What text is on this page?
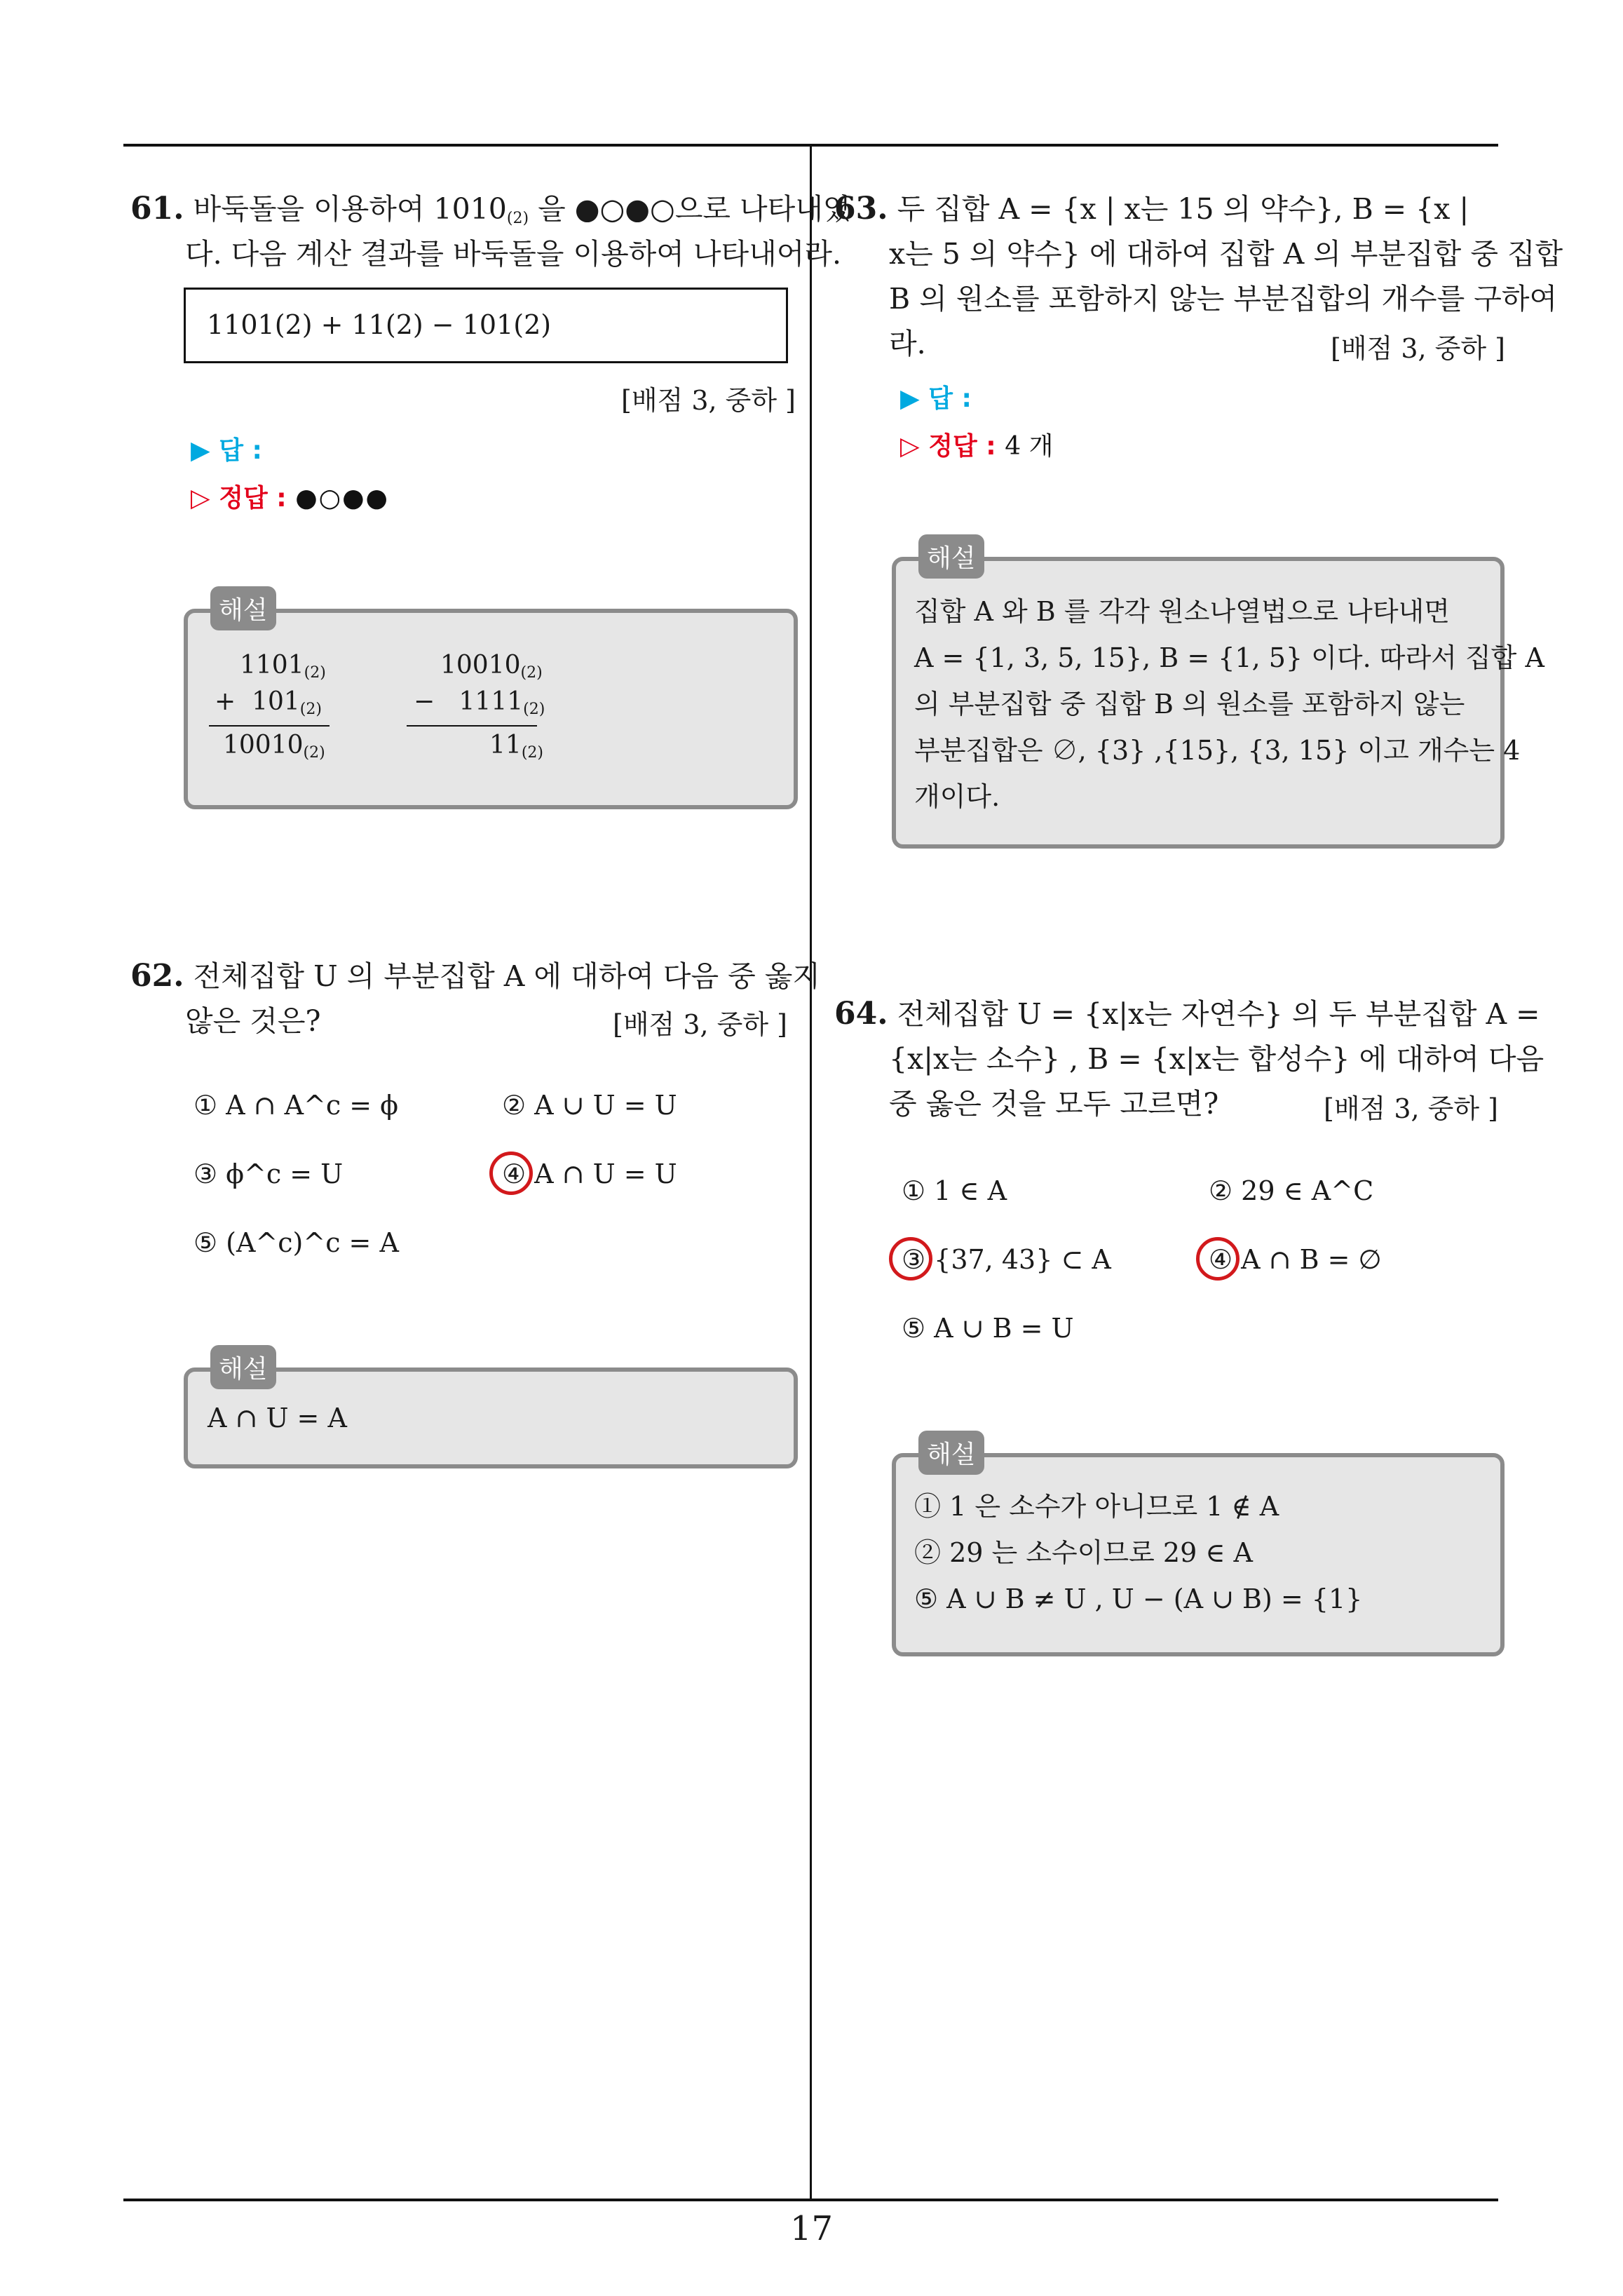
17
61. 바둑돌을 이용하여 $1010_{(2)}$ 을 ●○●○으로 나타내었
다. 다음 계산 결과를 바둑돌을 이용하여 나타내어라.
1101(2) + 11(2) − 101(2)
[배점 3, 중하 ]
▶ 답 :
▷ 정답 : ●○●●
해설
$1101_{(2)}$
+ $101_{(2)}$
$10010_{(2)}$
$10010_{(2)}$
− $1111_{(2)}$
$11_{(2)}$
62. 전체집합 U 의 부분집합 A 에 대하여 다음 중 옳지
않은 것은?	[배점 3, 중하 ]
① A ∩ A^c = ϕ	② A ∪ U = U
③ ϕ^c = U	④ A ∩ U = U
⑤ (A^c)^c = A
해설
A ∩ U = A
63. 두 집합 A = {x | x는 15 의 약수}, B = {x |
x는 5 의 약수} 에 대하여 집합 A 의 부분집합 중 집합
B 의 원소를 포함하지 않는 부분집합의 개수를 구하여
라.	[배점 3, 중하 ]
▶ 답 :
▷ 정답 : 4 개
해설
집합 A 와 B 를 각각 원소나열법으로 나타내면
A = {1, 3, 5, 15}, B = {1, 5} 이다. 따라서 집합 A
의 부분집합 중 집합 B 의 원소를 포함하지 않는
부분집합은 ∅, {3} ,{15}, {3, 15} 이고 개수는 4
개이다.
64. 전체집합 U = {x|x는 자연수} 의 두 부분집합 A =
{x|x는 소수} , B = {x|x는 합성수} 에 대하여 다음
중 옳은 것을 모두 고르면?	[배점 3, 중하 ]
① 1 ∈ A	② 29 ∈ A^C
③ {37, 43} ⊂ A	④ A ∩ B = ∅
⑤ A ∪ B = U
해설
① 1 은 소수가 아니므로 1 ∉ A
② 29 는 소수이므로 29 ∈ A
⑤ A ∪ B ≠ U , U − (A ∪ B) = {1}
